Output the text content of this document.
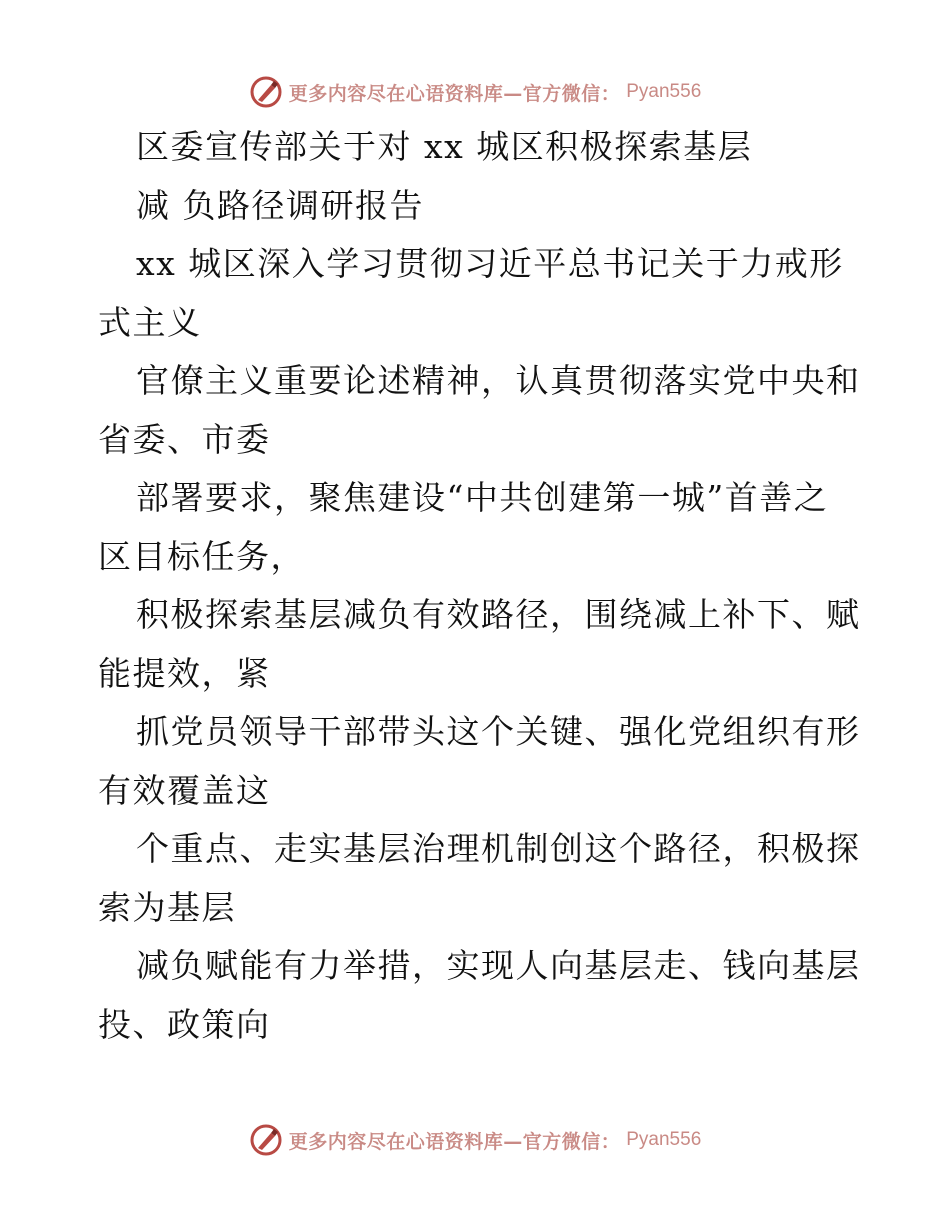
更多内容尽在心语资料库—官方微信： Pyan556
区委宣传部关于对 xx 城区积极探索基层
减 负路径调研报告
xx 城区深入学习贯彻习近平总书记关于力戒形
式主义
官僚主义重要论述精神，认真贯彻落实党中央和
省委、市委
部署要求，聚焦建设“中共创建第一城”首善之
区目标任务，
积极探索基层减负有效路径，围绕减上补下、赋
能提效，紧
抓党员领导干部带头这个关键、强化党组织有形
有效覆盖这
个重点、走实基层治理机制创这个路径，积极探
索为基层
减负赋能有力举措，实现人向基层走、钱向基层
投、政策向
更多内容尽在心语资料库—官方微信： Pyan556
